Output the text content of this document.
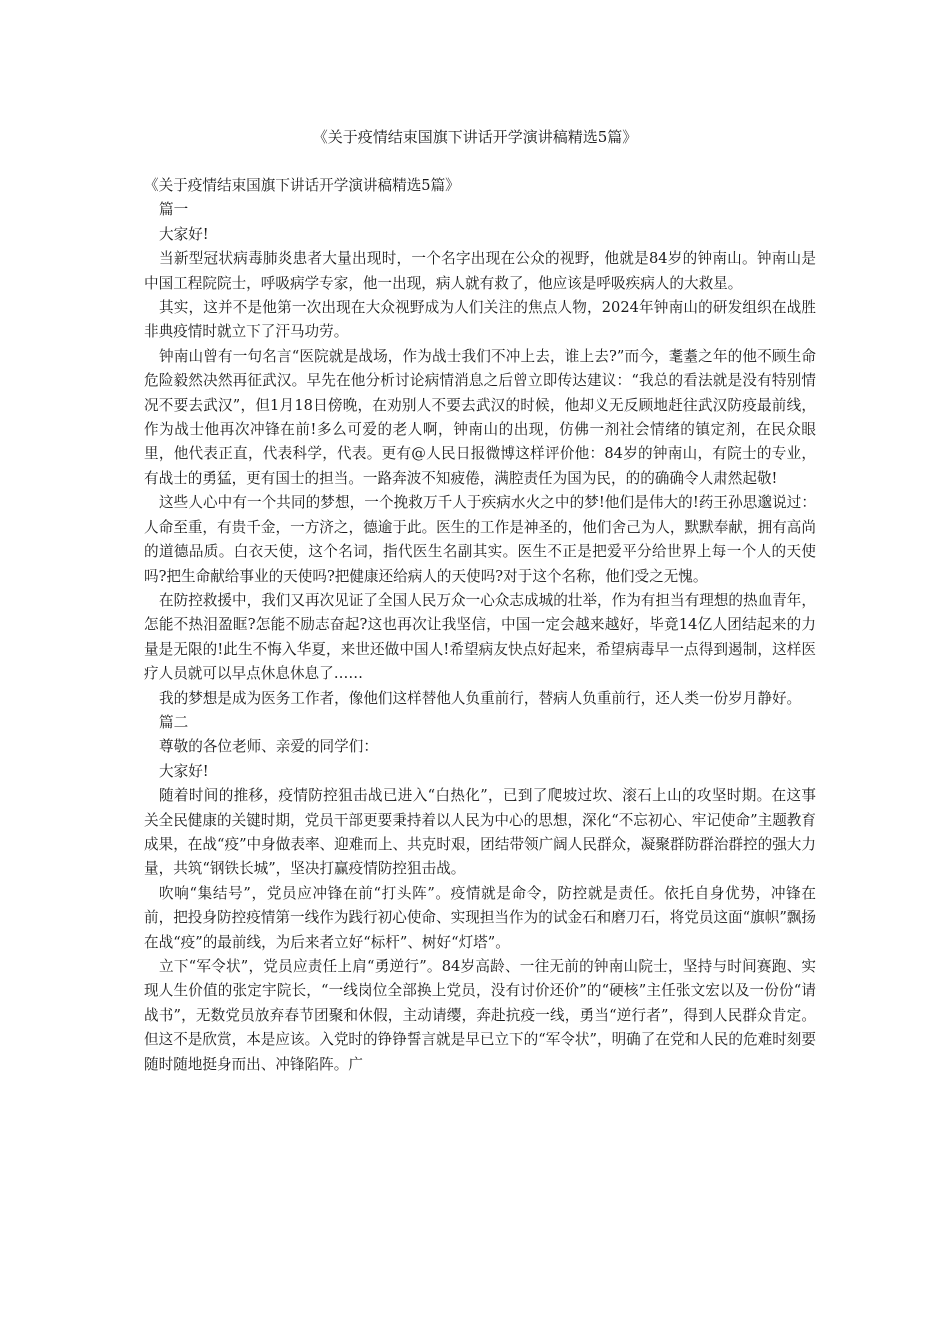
《关于疫情结束国旗下讲话开学演讲稿精选5篇》

《关于疫情结束国旗下讲话开学演讲稿精选5篇》

篇一

大家好!

当新型冠状病毒肺炎患者大量出现时，一个名字出现在公众的视野，他就是84岁的钟南山。钟南山是中国工程院院士，呼吸病学专家，他一出现，病人就有救了，他应该是呼吸疾病人的大救星。

其实，这并不是他第一次出现在大众视野成为人们关注的焦点人物，2024年钟南山的研发组织在战胜非典疫情时就立下了汗马功劳。

钟南山曾有一句名言“医院就是战场，作为战士我们不冲上去，谁上去?”而今，耄耋之年的他不顾生命危险毅然决然再征武汉。早先在他分析讨论病情消息之后曾立即传达建议：“我总的看法就是没有特别情况不要去武汉”，但1月18日傍晚，在劝别人不要去武汉的时候，他却义无反顾地赶往武汉防疫最前线，作为战士他再次冲锋在前!多么可爱的老人啊，钟南山的出现，仿佛一剂社会情绪的镇定剂，在民众眼里，他代表正直，代表科学，代表。更有@人民日报微博这样评价他：84岁的钟南山，有院士的专业，有战士的勇猛，更有国士的担当。一路奔波不知疲倦，满腔责任为国为民，的的确确令人肃然起敬!

这些人心中有一个共同的梦想，一个挽救万千人于疾病水火之中的梦!他们是伟大的!药王孙思邈说过：人命至重，有贵千金，一方济之，德逾于此。医生的工作是神圣的，他们舍己为人，默默奉献，拥有高尚的道德品质。白衣天使，这个名词，指代医生名副其实。医生不正是把爱平分给世界上每一个人的天使吗?把生命献给事业的天使吗?把健康还给病人的天使吗?对于这个名称，他们受之无愧。

在防控救援中，我们又再次见证了全国人民万众一心众志成城的壮举，作为有担当有理想的热血青年，怎能不热泪盈眶?怎能不励志奋起?这也再次让我坚信，中国一定会越来越好，毕竟14亿人团结起来的力量是无限的!此生不悔入华夏，来世还做中国人!希望病友快点好起来，希望病毒早一点得到遏制，这样医疗人员就可以早点休息休息了……

我的梦想是成为医务工作者，像他们这样替他人负重前行，替病人负重前行，还人类一份岁月静好。

篇二

尊敬的各位老师、亲爱的同学们：

大家好!

随着时间的推移，疫情防控狙击战已进入“白热化”，已到了爬坡过坎、滚石上山的攻坚时期。在这事关全民健康的关键时期，党员干部更要秉持着以人民为中心的思想，深化“不忘初心、牢记使命”主题教育成果，在战“疫”中身做表率、迎难而上、共克时艰，团结带领广阔人民群众，凝聚群防群治群控的强大力量，共筑“钢铁长城”，坚决打赢疫情防控狙击战。

吹响“集结号”，党员应冲锋在前“打头阵”。疫情就是命令，防控就是责任。依托自身优势，冲锋在前，把投身防控疫情第一线作为践行初心使命、实现担当作为的试金石和磨刀石，将党员这面“旗帜”飘扬在战“疫”的最前线，为后来者立好“标杆”、树好“灯塔”。

立下“军令状”，党员应责任上肩“勇逆行”。84岁高龄、一往无前的钟南山院士，坚持与时间赛跑、实现人生价值的张定宇院长，“一线岗位全部换上党员，没有讨价还价”的“硬核”主任张文宏以及一份份“请战书”，无数党员放弃春节团聚和休假，主动请缨，奔赴抗疫一线，勇当“逆行者”，得到人民群众肯定。但这不是欣赏，本是应该。入党时的铮铮誓言就是早已立下的“军令状”，明确了在党和人民的危难时刻要随时随地挺身而出、冲锋陷阵。广
